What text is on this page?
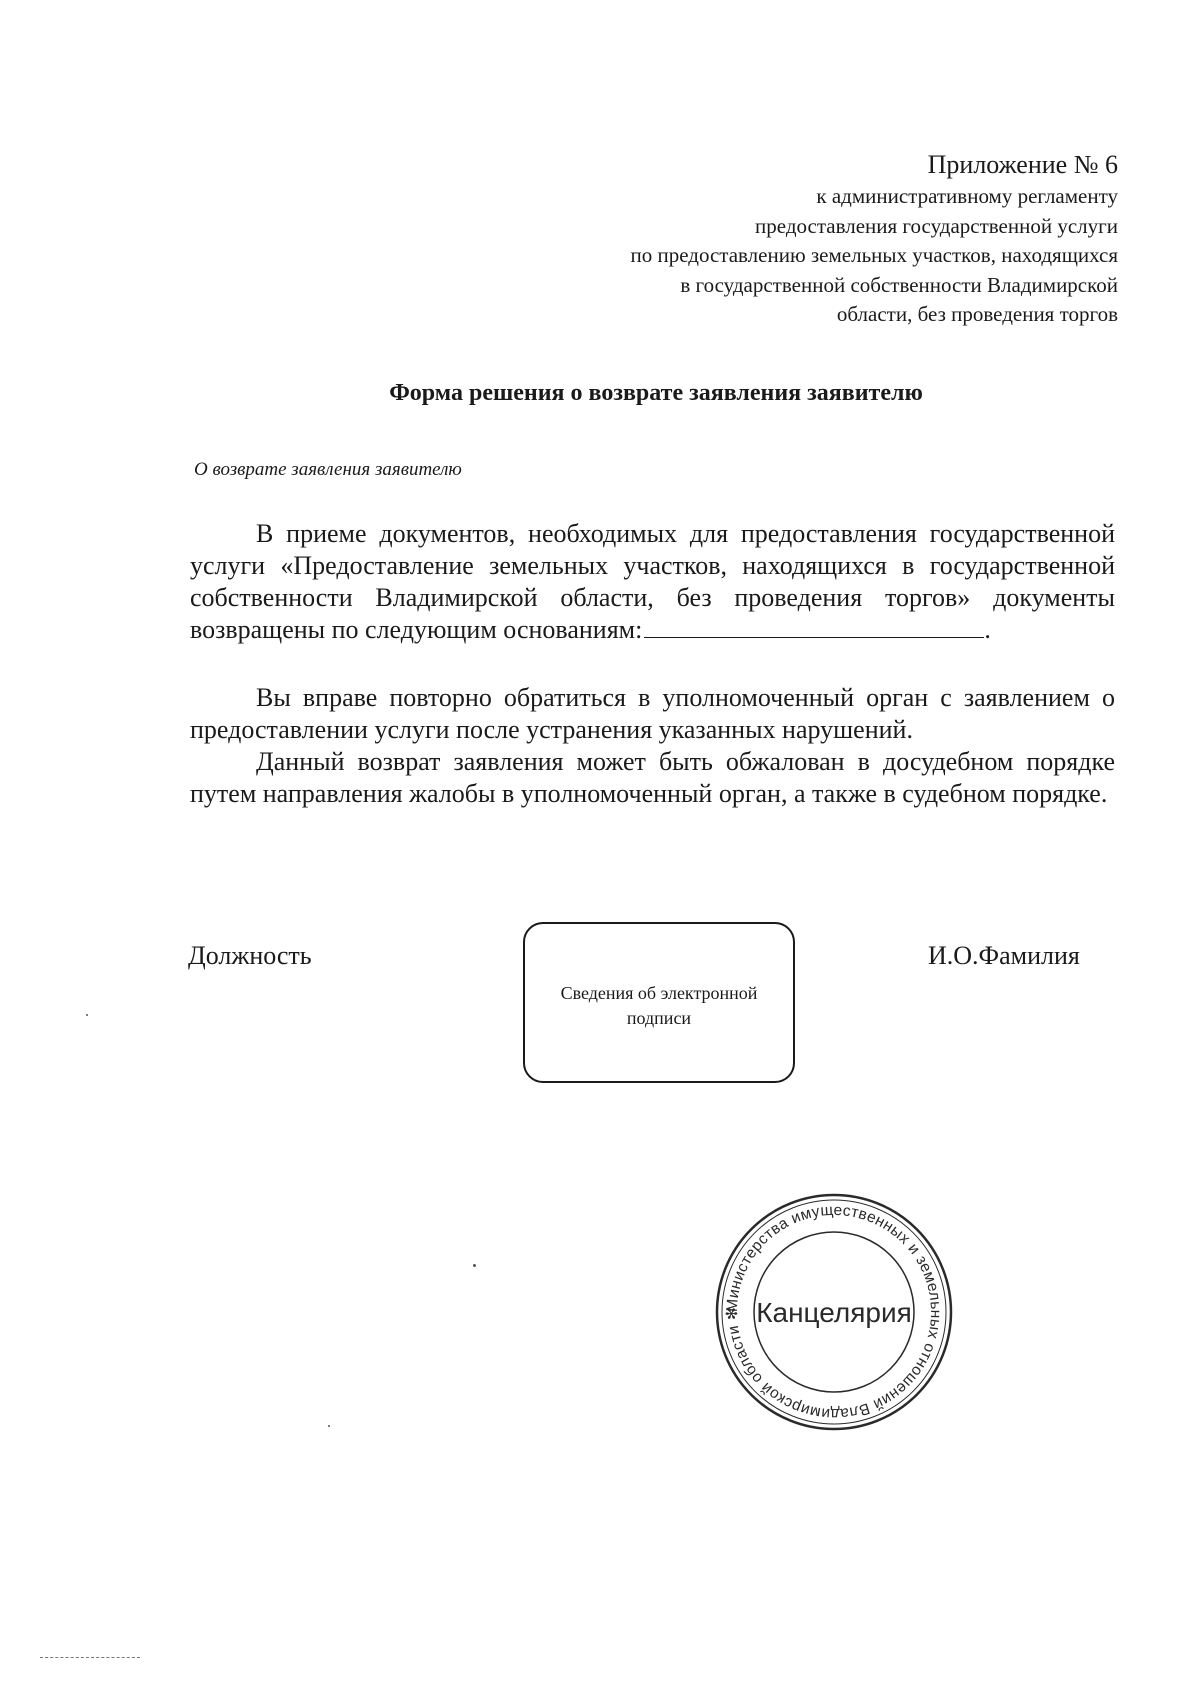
Приложение № 6
к административному регламенту
предоставления государственной услуги
по предоставлению земельных участков, находящихся
в государственной собственности Владимирской
области, без проведения торгов
Форма решения о возврате заявления заявителю
О возврате заявления заявителю

В приеме документов, необходимых для предоставления государственной услуги «Предоставление земельных участков, находящихся в государственной собственности Владимирской области, без проведения торгов» документы возвращены по следующим основаниям:	.

Вы вправе повторно обратиться в уполномоченный орган с заявлением о предоставлении услуги после устранения указанных нарушений.

Данный возврат заявления может быть обжалован в досудебном порядке путем направления жалобы в уполномоченный орган, а также в судебном порядке.

Должность
Сведения об электронной подписи
И.О.Фамилия
Министерства имущественных и земельных отношений Владимирской области ✻ Канцелярия
